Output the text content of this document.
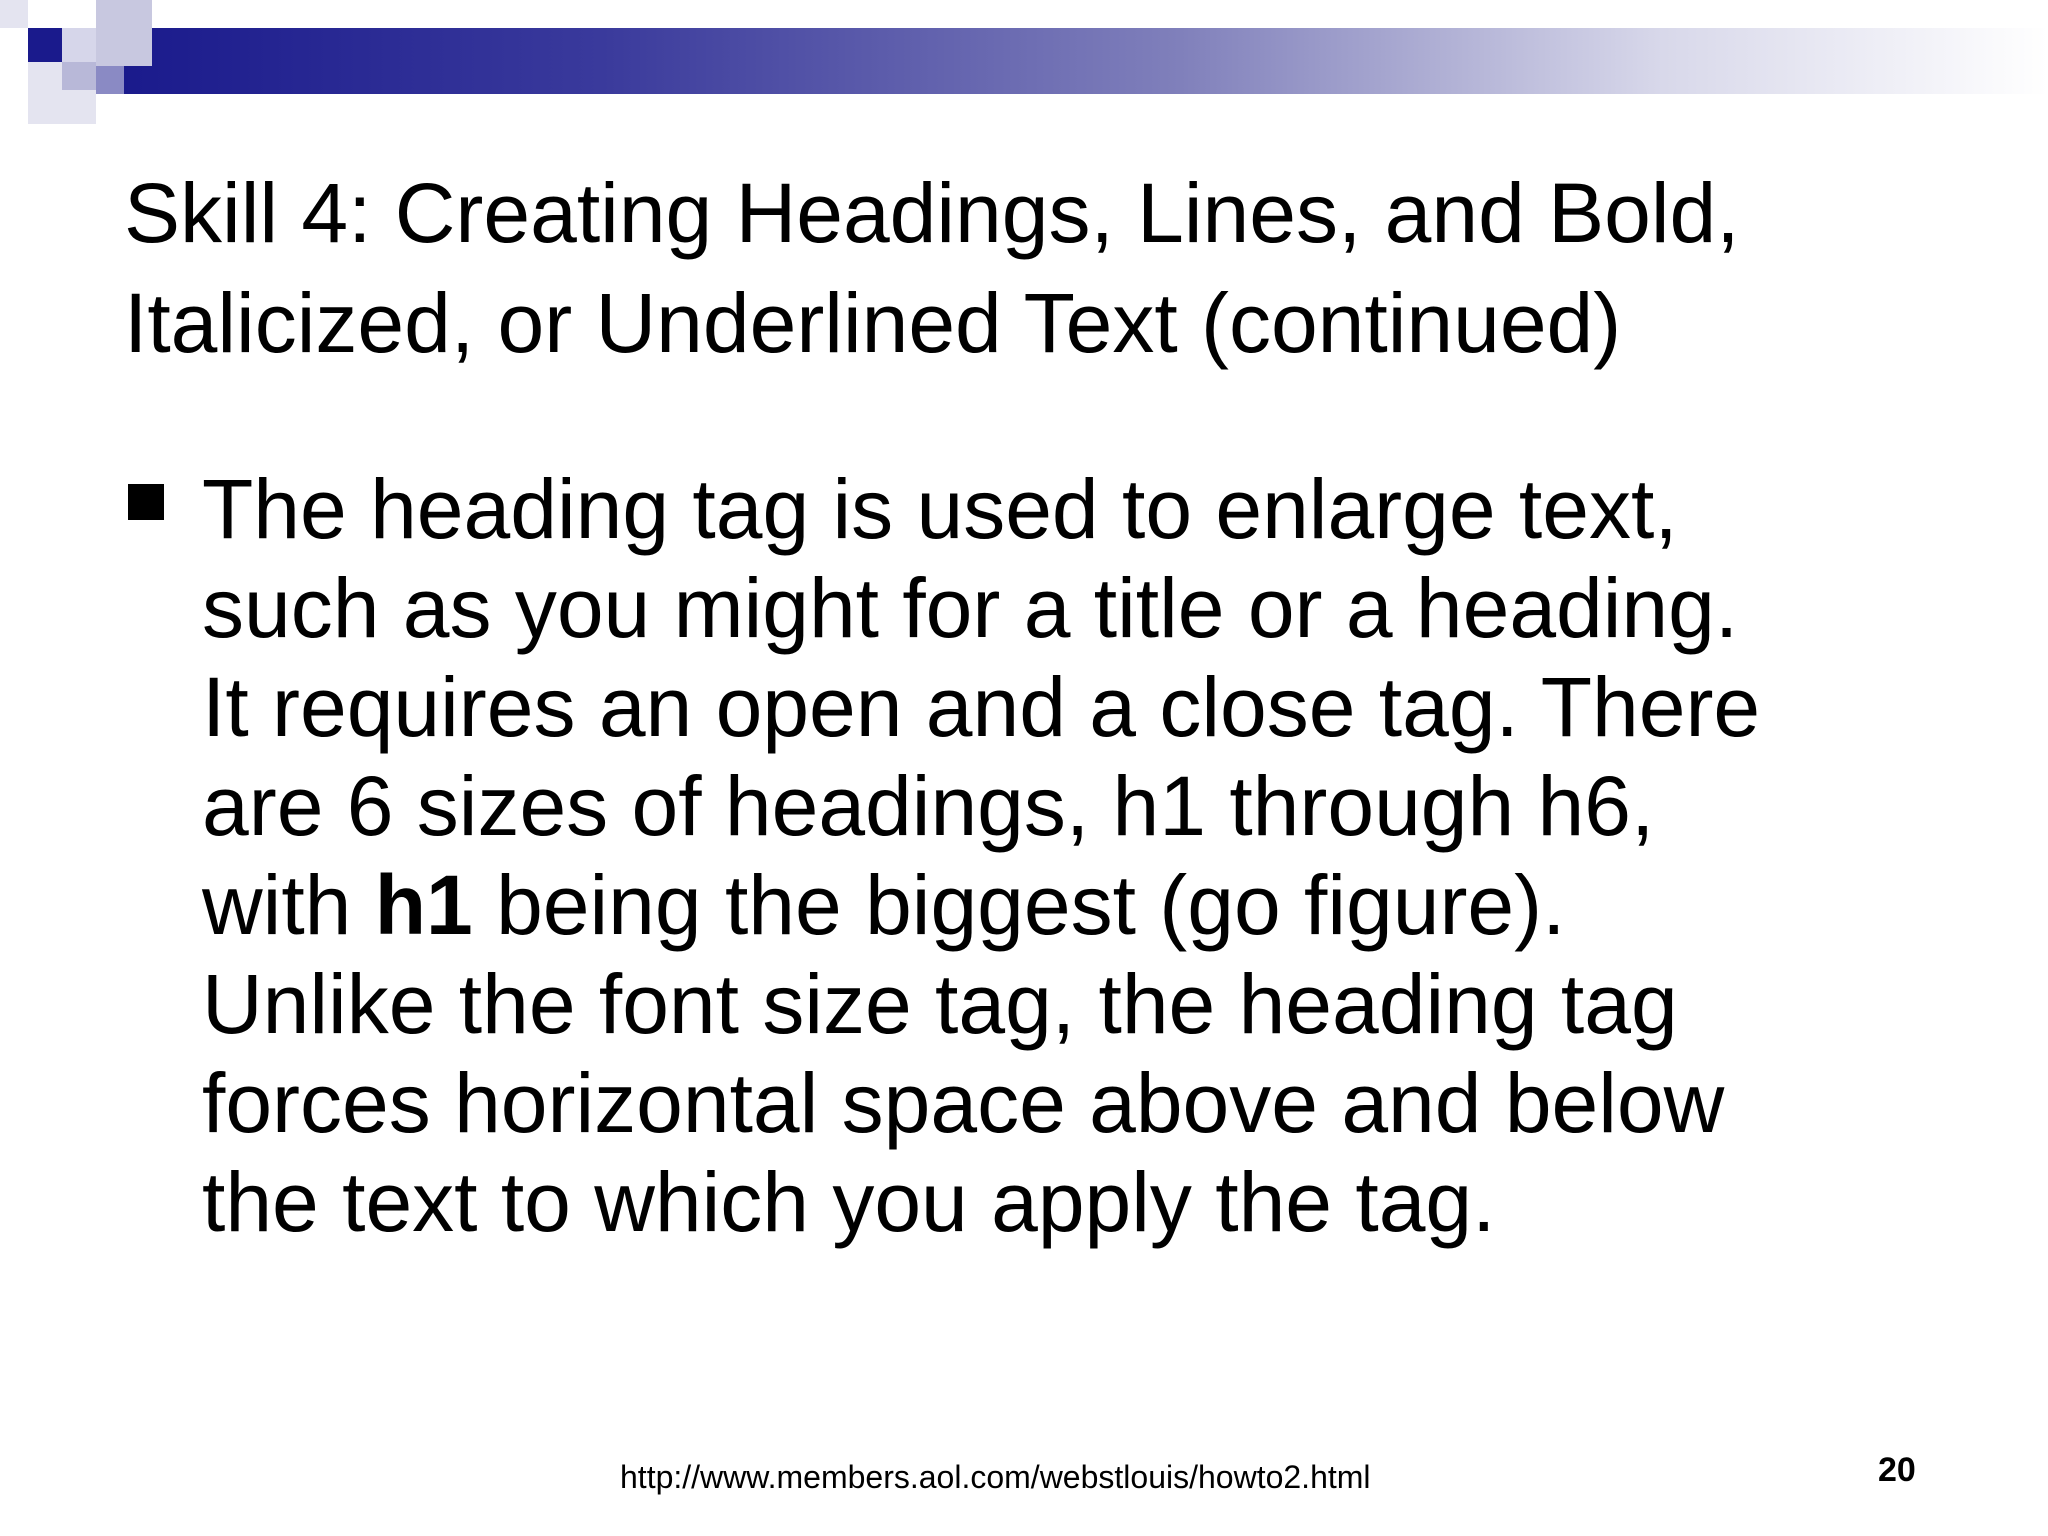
Skill 4: Creating Headings, Lines, and Bold,
Italicized, or Underlined Text (continued)
The heading tag is used to enlarge text,
such as you might for a title or a heading.
It requires an open and a close tag. There
are 6 sizes of headings, h1 through h6,
with h1 being the biggest (go figure).
Unlike the font size tag, the heading tag
forces horizontal space above and below
the text to which you apply the tag.
http://www.members.aol.com/webstlouis/howto2.html	20
